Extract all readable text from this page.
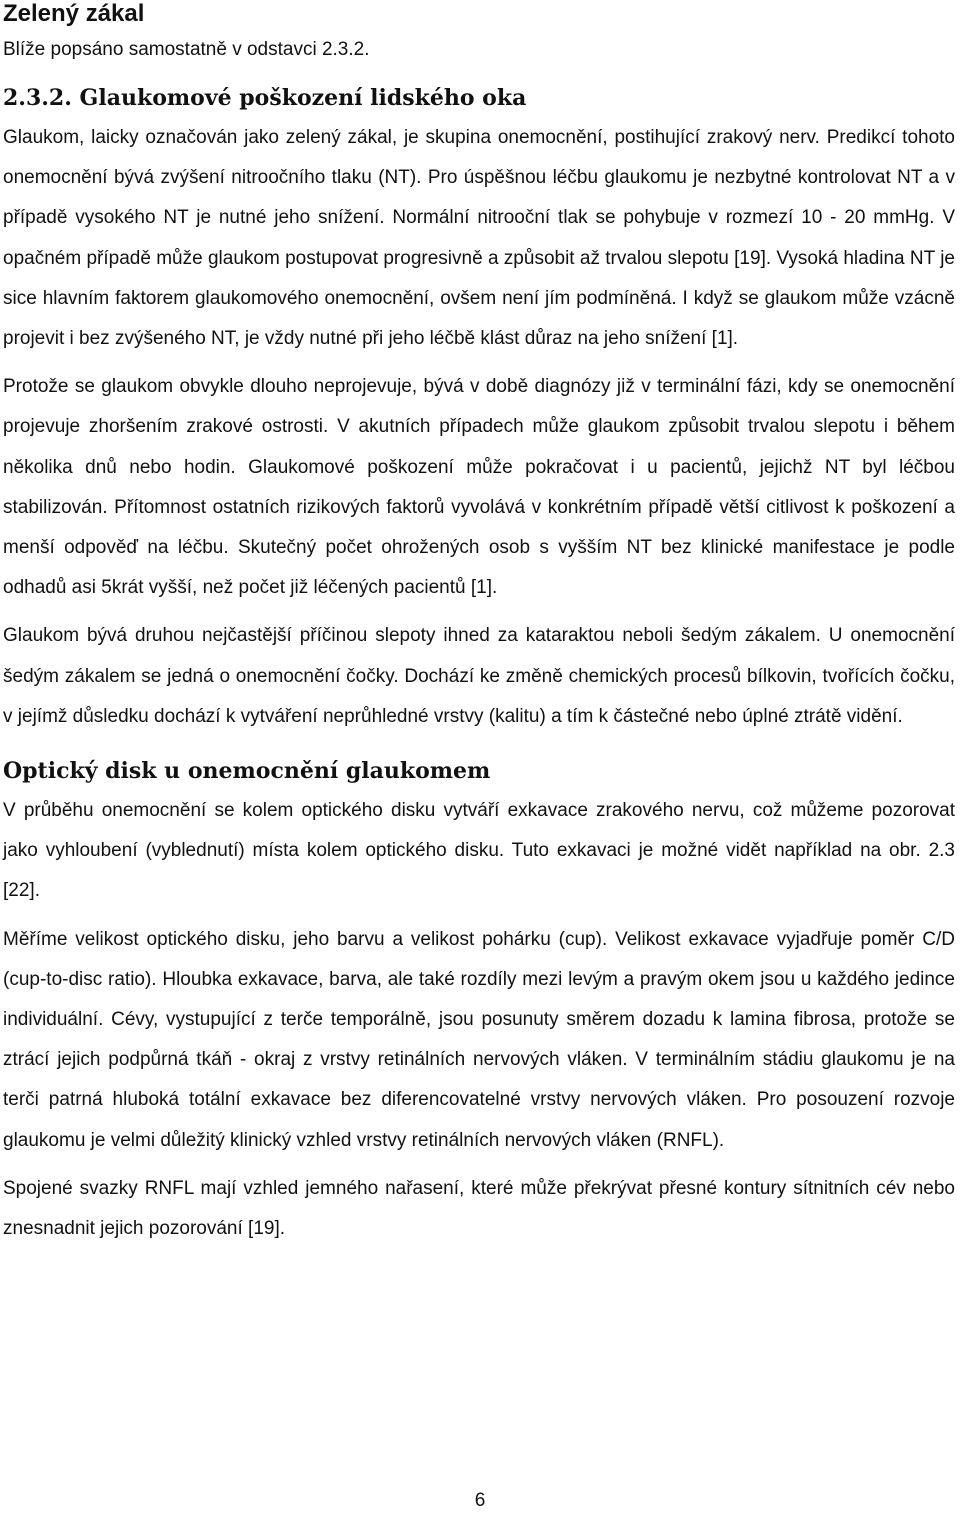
Zelený zákal

Blíže popsáno samostatně v odstavci 2.3.2.

2.3.2. Glaukomové poškození lidského oka

Glaukom, laicky označován jako zelený zákal, je skupina onemocnění, postihující zrakový nerv. Predikcí tohoto onemocnění bývá zvýšení nitroočního tlaku (NT). Pro úspěšnou léčbu glaukomu je nezbytné kontrolovat NT a v případě vysokého NT je nutné jeho snížení. Normální nitrooční tlak se pohybuje v rozmezí 10 - 20 mmHg. V opačném případě může glaukom postupovat progresivně a způsobit až trvalou slepotu [19]. Vysoká hladina NT je sice hlavním faktorem glaukomového onemocnění, ovšem není jím podmíněná. I když se glaukom může vzácně projevit i bez zvýšeného NT, je vždy nutné při jeho léčbě klást důraz na jeho snížení [1].

Protože se glaukom obvykle dlouho neprojevuje, bývá v době diagnózy již v terminální fázi, kdy se onemocnění projevuje zhoršením zrakové ostrosti. V akutních případech může glaukom způsobit trvalou slepotu i během několika dnů nebo hodin. Glaukomové poškození může pokračovat i u pacientů, jejichž NT byl léčbou stabilizován. Přítomnost ostatních rizikových faktorů vyvolává v konkrétním případě větší citlivost k poškození a menší odpověď na léčbu. Skutečný počet ohrožených osob s vyšším NT bez klinické manifestace je podle odhadů asi 5krát vyšší, než počet již léčených pacientů [1].

Glaukom bývá druhou nejčastější příčinou slepoty ihned za kataraktou neboli šedým zákalem. U onemocnění šedým zákalem se jedná o onemocnění čočky. Dochází ke změně chemických procesů bílkovin, tvořících čočku, v jejímž důsledku dochází k vytváření neprůhledné vrstvy (kalitu) a tím k částečné nebo úplné ztrátě vidění.

Optický disk u onemocnění glaukomem

V průběhu onemocnění se kolem optického disku vytváří exkavace zrakového nervu, což můžeme pozorovat jako vyhloubení (vyblednutí) místa kolem optického disku. Tuto exkavaci je možné vidět například na obr. 2.3 [22].

Měříme velikost optického disku, jeho barvu a velikost pohárku (cup). Velikost exkavace vyjadřuje poměr C/D (cup-to-disc ratio). Hloubka exkavace, barva, ale také rozdíly mezi levým a pravým okem jsou u každého jedince individuální. Cévy, vystupující z terče temporálně, jsou posunuty směrem dozadu k lamina fibrosa, protože se ztrácí jejich podpůrná tkáň - okraj z vrstvy retinálních nervových vláken. V terminálním stádiu glaukomu je na terči patrná hluboká totální exkavace bez diferencovatelné vrstvy nervových vláken. Pro posouzení rozvoje glaukomu je velmi důležitý klinický vzhled vrstvy retinálních nervových vláken (RNFL).

Spojené svazky RNFL mají vzhled jemného nařasení, které může překrývat přesné kontury sítnitních cév nebo znesnadnit jejich pozorování [19].

6
